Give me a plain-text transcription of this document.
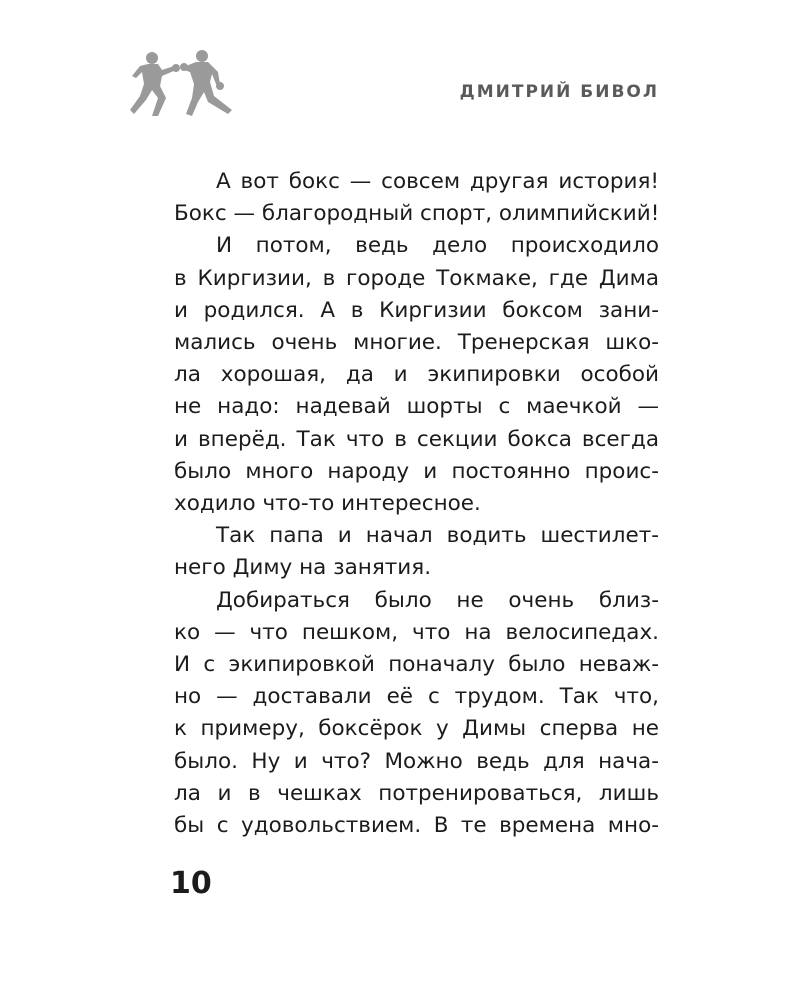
ДМИТРИЙ БИВОЛ

А вот бокс — совсем другая история!
Бокс — благородный спорт, олимпийский!

И потом, ведь дело происходило
в Киргизии, в городе Токмаке, где Дима
и родился. А в Киргизии боксом зани-
мались очень многие. Тренерская шко-
ла хорошая, да и экипировки особой
не надо: надевай шорты с маечкой —
и вперёд. Так что в секции бокса всегда
было много народу и постоянно проис-
ходило что-то интересное.

Так папа и начал водить шестилет-
него Диму на занятия.

Добираться было не очень близ-
ко — что пешком, что на велосипедах.
И с экипировкой поначалу было неваж-
но — доставали её с трудом. Так что,
к примеру, боксёрок у Димы сперва не
было. Ну и что? Можно ведь для нача-
ла и в чешках потренироваться, лишь
бы с удовольствием. В те времена мно-

10
